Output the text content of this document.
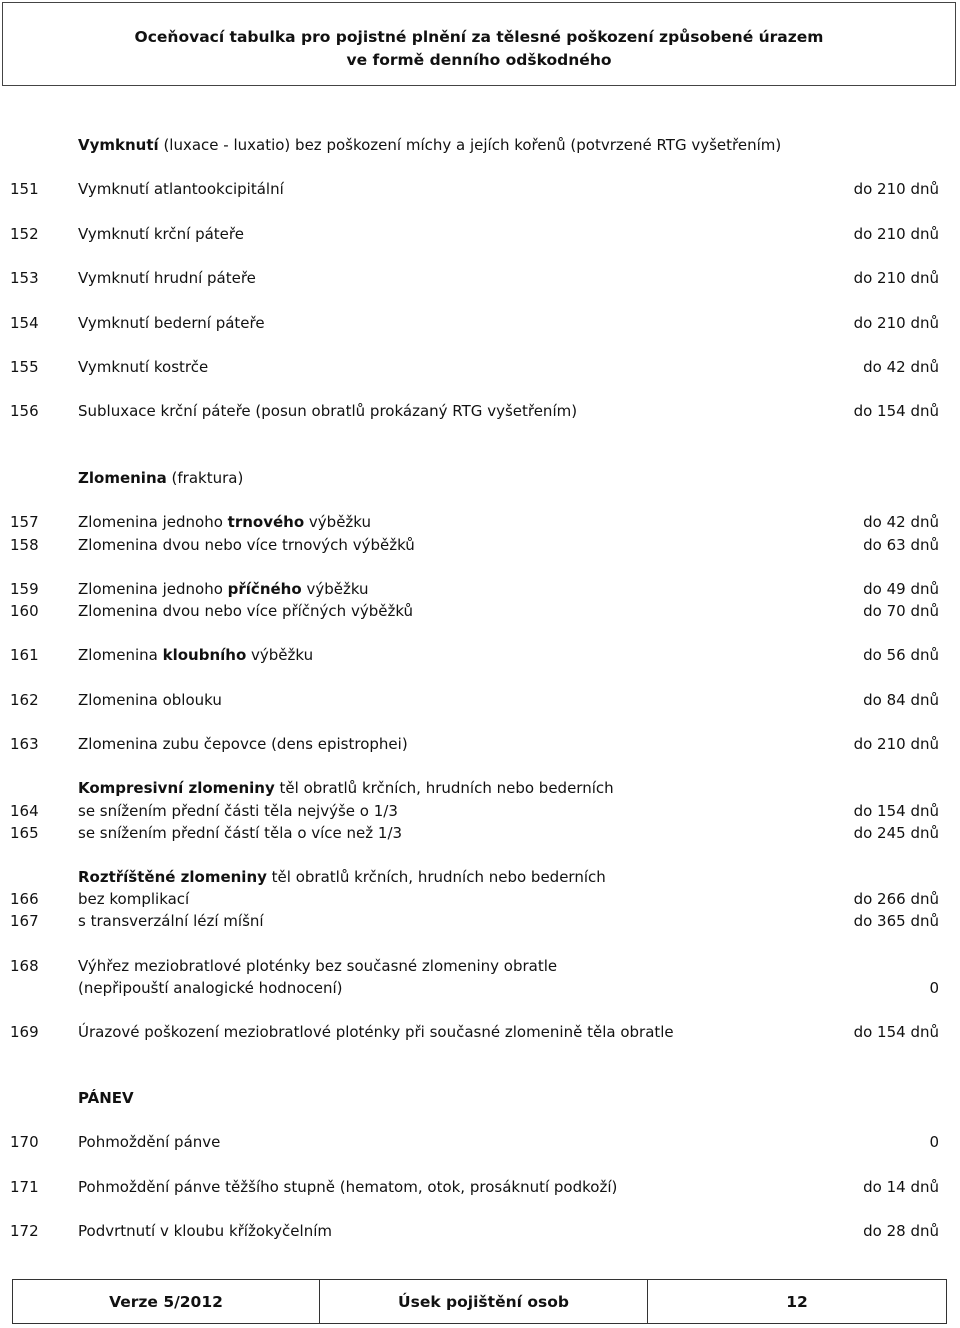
Oceňovací tabulka pro pojistné plnění za tělesné poškození způsobené úrazem
ve formě denního odškodného
Vymknutí (luxace - luxatio) bez poškození míchy a jejích kořenů (potvrzené RTG vyšetřením)
151	Vymknutí atlantookcipitální	do 210 dnů
152	Vymknutí krční páteře	do 210 dnů
153	Vymknutí hrudní páteře	do 210 dnů
154	Vymknutí bederní páteře	do 210 dnů
155	Vymknutí kostrče	do 42 dnů
156	Subluxace krční páteře (posun obratlů prokázaný RTG vyšetřením)	do 154 dnů
Zlomenina (fraktura)
157	Zlomenina jednoho trnového výběžku	do 42 dnů
158	Zlomenina dvou nebo více trnových výběžků	do 63 dnů
159	Zlomenina jednoho příčného výběžku	do 49 dnů
160	Zlomenina dvou nebo více příčných výběžků	do 70 dnů
161	Zlomenina kloubního výběžku	do 56 dnů
162	Zlomenina oblouku	do 84 dnů
163	Zlomenina zubu čepovce (dens epistrophei)	do 210 dnů
Kompresivní zlomeniny těl obratlů krčních, hrudních nebo bederních
164	se snížením přední části těla nejvýše o 1/3	do 154 dnů
165	se snížením přední částí těla o více než 1/3	do 245 dnů
Roztříštěné zlomeniny těl obratlů krčních, hrudních nebo bederních
166	bez komplikací	do 266 dnů
167	s transverzální lézí míšní	do 365 dnů
168	Výhřez meziobratlové ploténky bez současné zlomeniny obratle
(nepřipouští analogické hodnocení)	0
169	Úrazové poškození meziobratlové ploténky při současné zlomenině těla obratle	do 154 dnů
PÁNEV
170	Pohmoždění pánve	0
171	Pohmoždění pánve těžšího stupně (hematom, otok, prosáknutí podkoží)	do 14 dnů
172	Podvrtnutí v kloubu křížokyčelním	do 28 dnů
Verze 5/2012	Úsek pojištění osob	12
